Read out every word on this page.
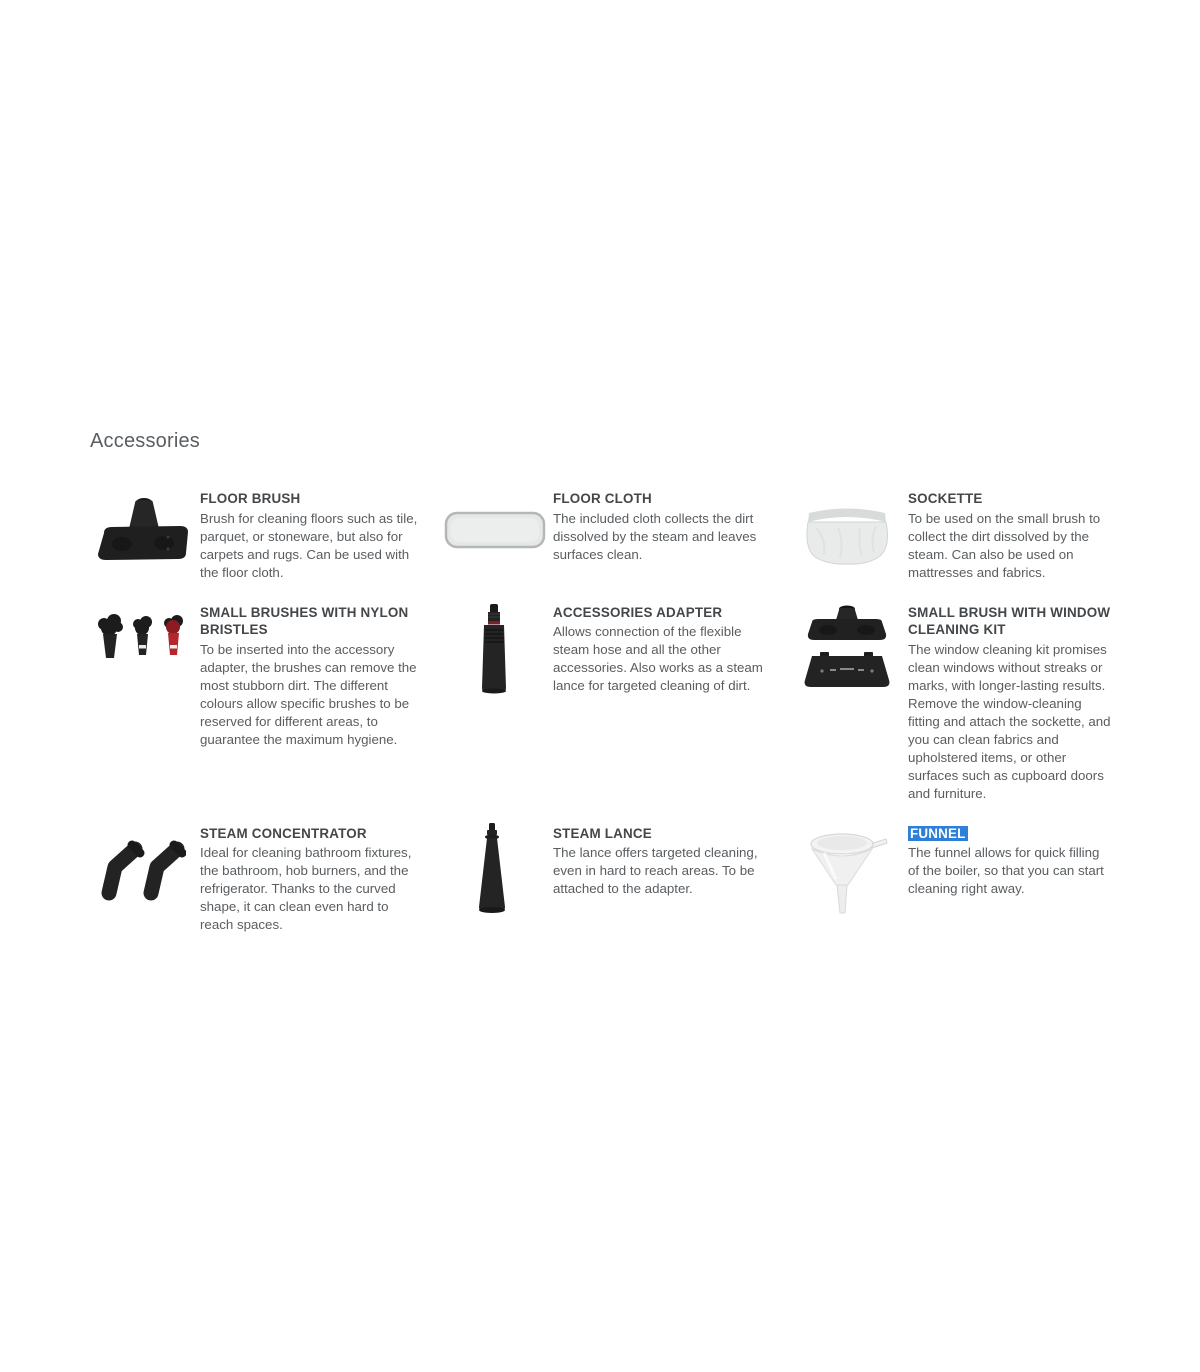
Accessories
FLOOR BRUSH

Brush for cleaning floors such as tile, parquet, or stoneware, but also for carpets and rugs. Can be used with the floor cloth.

FLOOR CLOTH

The included cloth collects the dirt dissolved by the steam and leaves surfaces clean.

SOCKETTE

To be used on the small brush to collect the dirt dissolved by the steam. Can also be used on mattresses and fabrics.

SMALL BRUSHES WITH NYLON BRISTLES

To be inserted into the accessory adapter, the brushes can remove the most stubborn dirt. The different colours allow specific brushes to be reserved for different areas, to guarantee the maximum hygiene.

ACCESSORIES ADAPTER

Allows connection of the flexible steam hose and all the other accessories. Also works as a steam lance for targeted cleaning of dirt.

SMALL BRUSH WITH WINDOW CLEANING KIT

The window cleaning kit promises clean windows without streaks or marks, with longer-lasting results. Remove the window-cleaning fitting and attach the sockette, and you can clean fabrics and upholstered items, or other surfaces such as cupboard doors and furniture.

STEAM CONCENTRATOR

Ideal for cleaning bathroom fixtures, the bathroom, hob burners, and the refrigerator. Thanks to the curved shape, it can clean even hard to reach spaces.

STEAM LANCE

The lance offers targeted cleaning, even in hard to reach areas. To be attached to the adapter.

FUNNEL

The funnel allows for quick filling of the boiler, so that you can start cleaning right away.
